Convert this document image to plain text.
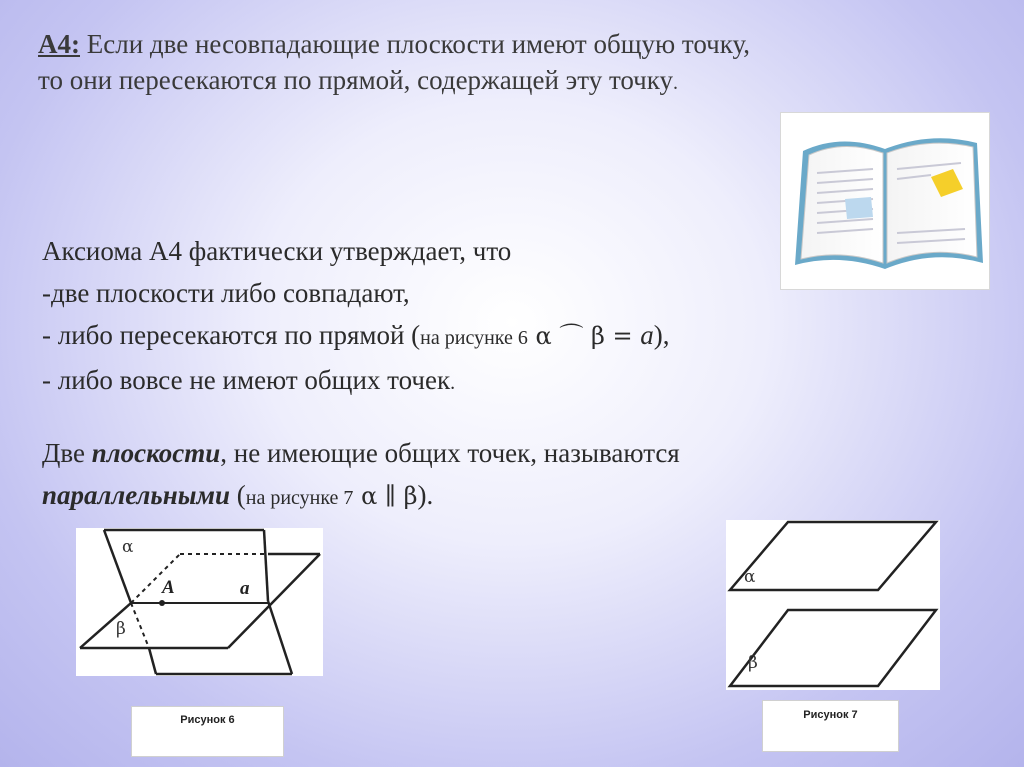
А4: Если две несовпадающие плоскости имеют общую точку,
то они пересекаются по прямой, содержащей эту точку.

Аксиома А4 фактически утверждает, что

-две плоскости либо совпадают,

- либо пересекаются по прямой (на рисунке 6 α ⌒ β = a),

- либо вовсе не имеют общих точек.

Две плоскости, не имеющие общих точек, называются

параллельными (на рисунке 7 α ∥ β).

α
β
A	a
α
β
Рисунок 6	Рисунок 7
